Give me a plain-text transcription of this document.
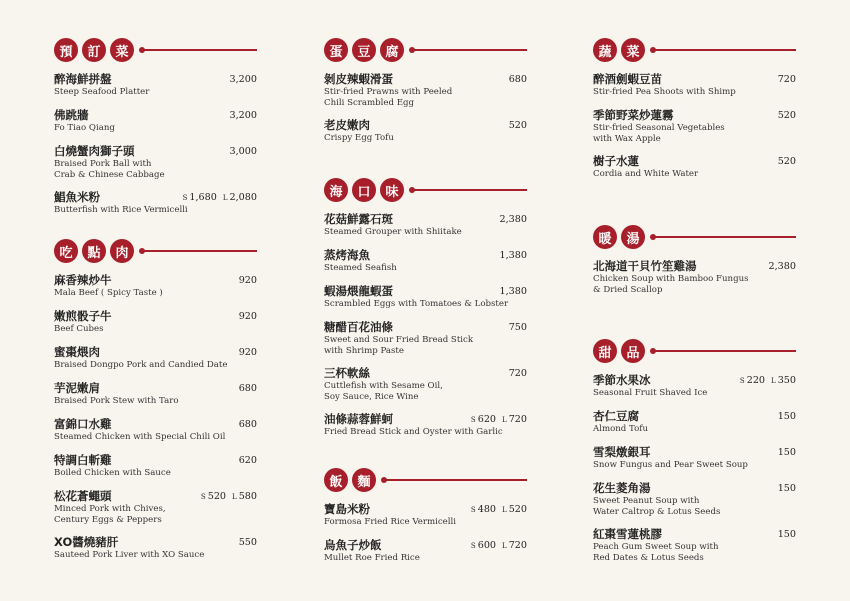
預	訂	菜
醉海鮮拼盤
Steep Seafood Platter
3,200
佛跳牆
Fo Tiao Qiang
3,200
白燒蟹肉獅子頭
Braised Pork Ball with
Crab & Chinese Cabbage
3,000
鯧魚米粉
Butterfish with Rice Vermicelli
S 1,680 L 2,080
吃	點	肉
麻香辣炒牛
Mala Beef ( Spicy Taste )
920
嫩煎骰子牛
Beef Cubes
920
蜜棗煨肉
Braised Dongpo Pork and Candied Date
920
芋泥嫩肩
Braised Pork Stew with Taro
680
富錦口水雞
Steamed Chicken with Special Chili Oil
680
特調白斬雞
Boiled Chicken with Sauce
620
松花蒼蠅頭
Minced Pork with Chives,
Century Eggs & Peppers
S 520 L 580
XO醬燒豬肝
Sauteed Pork Liver with XO Sauce
550
蛋	豆	腐
剝皮辣蝦滑蛋
Stir-fried Prawns with Peeled
Chili Scrambled Egg
680
老皮嫩肉
Crispy Egg Tofu
520
海	口	味
花菇鮮露石斑
Steamed Grouper with Shiitake
2,380
蒸烤海魚
Steamed Seafish
1,380
蝦湯煨龍蝦蛋
Scrambled Eggs with Tomatoes & Lobster
1,380
糖醋百花油條
Sweet and Sour Fried Bread Stick
with Shrimp Paste
750
三杯軟絲
Cuttlefish with Sesame Oil,
Soy Sauce, Rice Wine
720
油條蒜蓉鮮蚵
Fried Bread Stick and Oyster with Garlic
S 620 L 720
飯	麵
寶島米粉
Formosa Fried Rice Vermicelli
S 480 L 520
烏魚子炒飯
Mullet Roe Fried Rice
S 600 L 720
蔬	菜
醉酒劍蝦豆苗
Stir-fried Pea Shoots with Shimp
720
季節野菜炒蓮霧
Stir-fried Seasonal Vegetables
with Wax Apple
520
樹子水蓮
Cordia and White Water
520
暖	湯
北海道干貝竹笙雞湯
Chicken Soup with Bamboo Fungus
& Dried Scallop
2,380
甜	品
季節水果冰
Seasonal Fruit Shaved Ice
S 220 L 350
杏仁豆腐
Almond Tofu
150
雪梨燉銀耳
Snow Fungus and Pear Sweet Soup
150
花生菱角湯
Sweet Peanut Soup with
Water Caltrop & Lotus Seeds
150
紅棗雪蓮桃膠
Peach Gum Sweet Soup with
Red Dates & Lotus Seeds
150
